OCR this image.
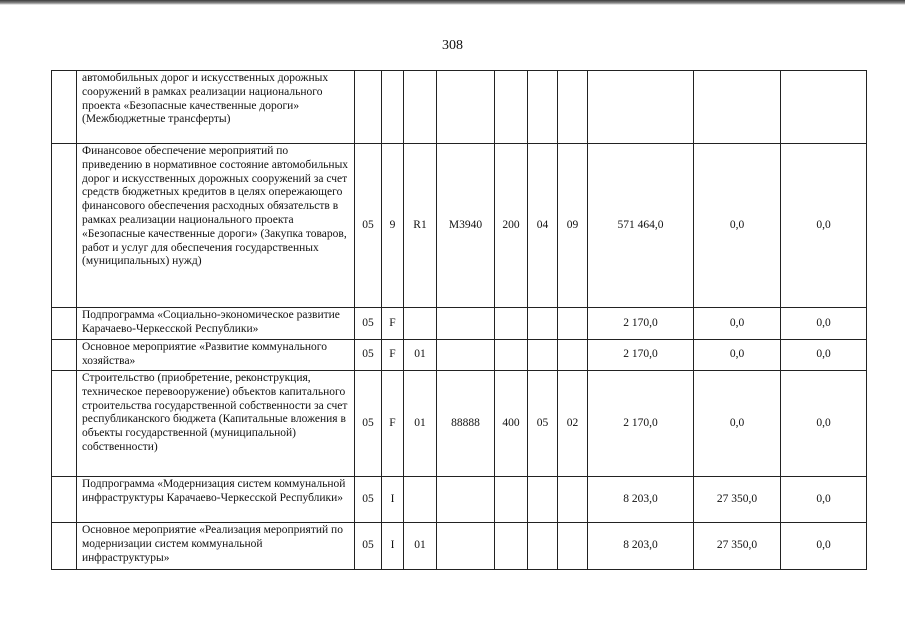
308
	автомобильных дорог и искусственных дорожных сооружений в рамках реализации национального проекта «Безопасные качественные дороги» (Межбюджетные трансферты)										
	Финансовое обеспечение мероприятий по приведению в нормативное состояние автомобильных дорог и искусственных дорожных сооружений за счет средств бюджетных кредитов в целях опережающего финансового обеспечения расходных обязательств в рамках реализации национального проекта «Безопасные качественные дороги» (Закупка товаров, работ и услуг для обеспечения государственных (муниципальных) нужд)	05	9	R1	М3940	200	04	09	571 464,0	0,0	0,0
	Подпрограмма «Социально-экономическое развитие Карачаево-Черкесской Республики»	05	F						2 170,0	0,0	0,0
	Основное мероприятие «Развитие коммунального хозяйства»	05	F	01					2 170,0	0,0	0,0
	Строительство (приобретение, реконструкция, техническое перевооружение) объектов капитального строительства государственной собственности за счет республиканского бюджета (Капитальные вложения в объекты государственной (муниципальной) собственности)	05	F	01	88888	400	05	02	2 170,0	0,0	0,0
	Подпрограмма «Модернизация систем коммунальной инфраструктуры Карачаево-Черкесской Республики»	05	I						8 203,0	27 350,0	0,0
	Основное мероприятие «Реализация мероприятий по модернизации систем коммунальной инфраструктуры»	05	I	01					8 203,0	27 350,0	0,0
